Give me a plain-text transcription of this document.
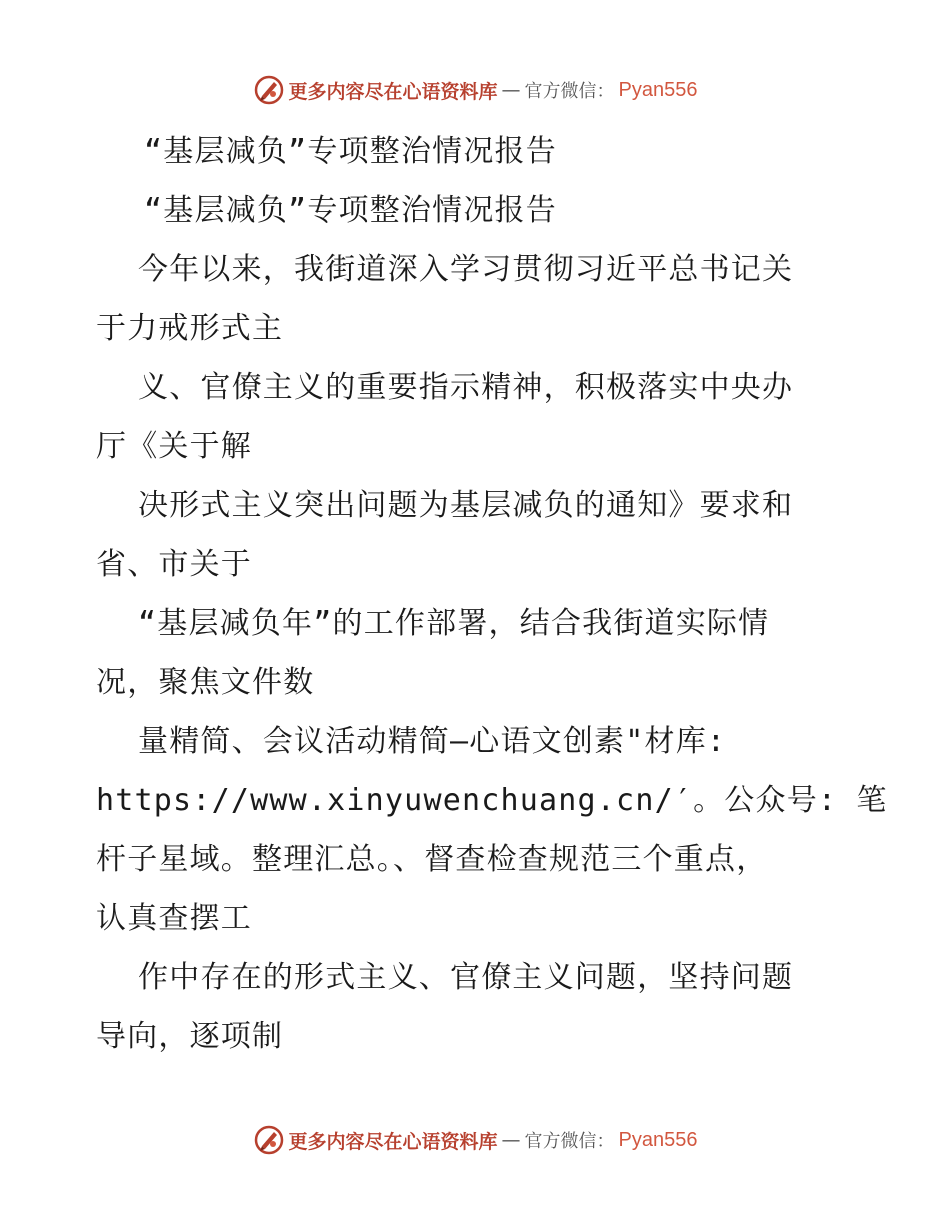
更多内容尽在心语资料库 — 官方微信： Pyan556
“基层减负”专项整治情况报告
“基层减负”专项整治情况报告
今年以来，我街道深入学习贯彻习近平总书记关
于力戒形式主
义、官僚主义的重要指示精神，积极落实中央办
厅《关于解
决形式主义突出问题为基层减负的通知》要求和
省、市关于
“基层减负年”的工作部署，结合我街道实际情
况，聚焦文件数
量精简、会议活动精简—心语文创素"材库:
https://www.xinyuwenchuang.cn/′。公众号: 笔
杆子星域。整理汇总。、督查检查规范三个重点，
认真查摆工
作中存在的形式主义、官僚主义问题，坚持问题
导向，逐项制
更多内容尽在心语资料库 — 官方微信： Pyan556
